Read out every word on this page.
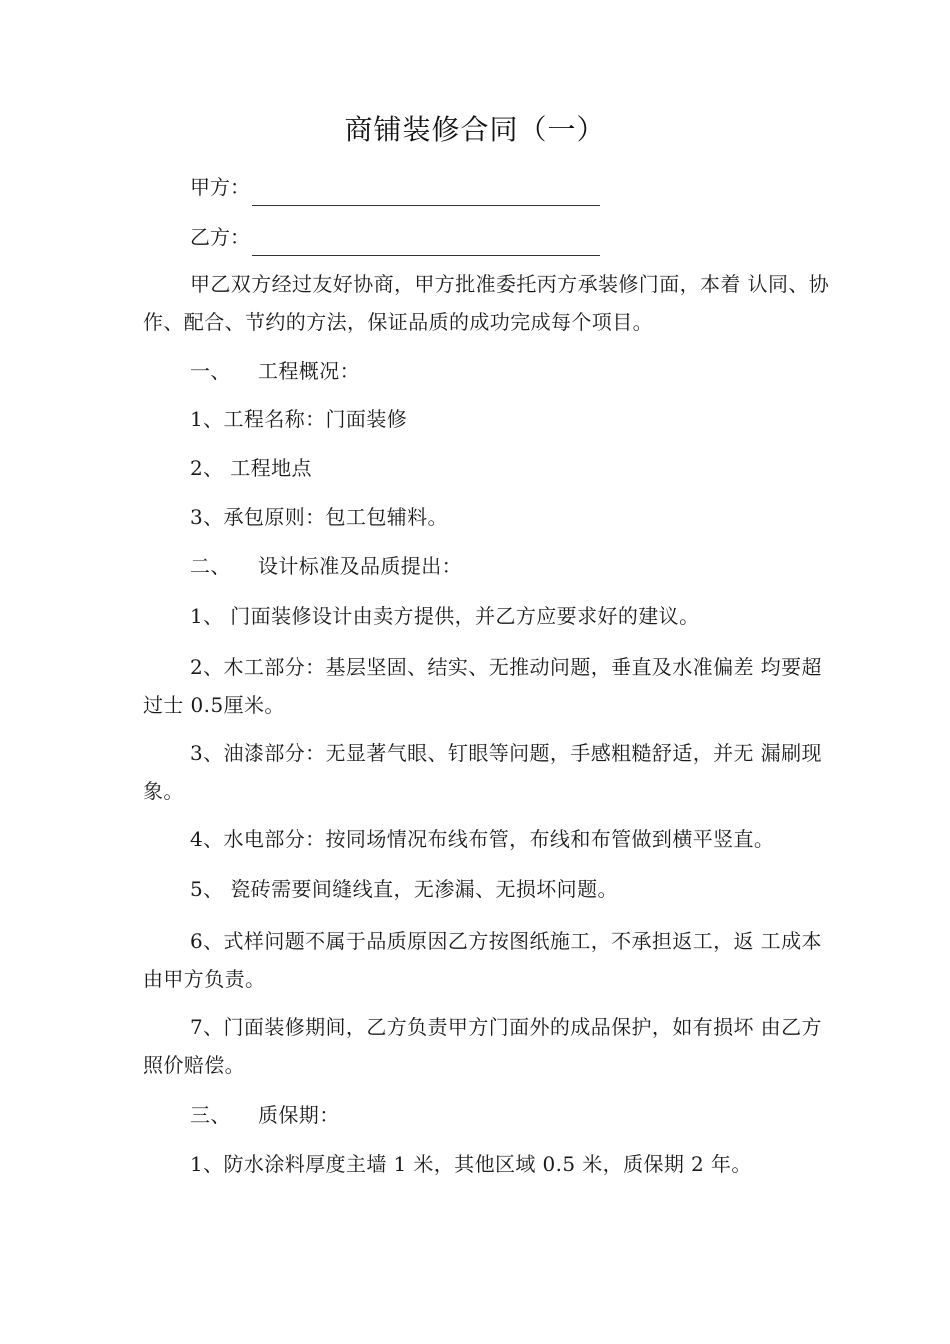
商铺装修合同（一）
甲方：
乙方：
甲乙双方经过友好协商，甲方批准委托丙方承装修门面，本着 认同、协作、配合、节约的方法，保证品质的成功完成每个项目。
一、 工程概况：
1、工程名称：门面装修
2、 工程地点
3、承包原则：包工包辅料。
二、 设计标准及品质提出：
1、 门面装修设计由卖方提供，并乙方应要求好的建议。
2、木工部分：基层坚固、结实、无推动问题，垂直及水准偏差 均要超过士 0.5厘米。
3、油漆部分：无显著气眼、钉眼等问题，手感粗糙舒适，并无 漏刷现象。
4、水电部分：按同场情况布线布管，布线和布管做到横平竖直。
5、 瓷砖需要间缝线直，无渗漏、无损坏问题。
6、式样问题不属于品质原因乙方按图纸施工，不承担返工，返 工成本由甲方负责。
7、门面装修期间，乙方负责甲方门面外的成品保护，如有损坏 由乙方照价赔偿。
三、 质保期：
1、防水涂料厚度主墙 1 米，其他区域 0.5 米，质保期 2 年。
